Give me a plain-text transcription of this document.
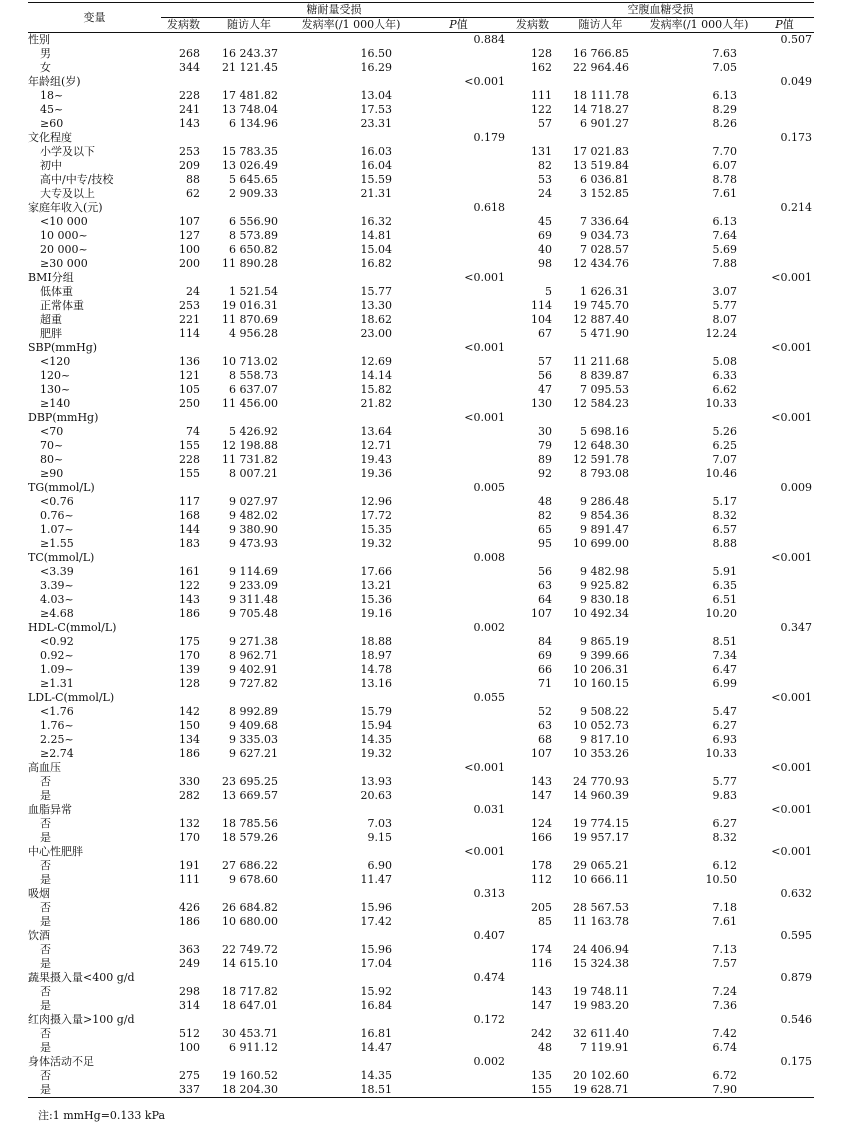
变量	糖耐量受损				空腹血糖受损			
	发病数	随访人年	发病率(/1 000人年)	P值	发病数	随访人年	发病率(/1 000人年)	P值
性别				0.884				0.507
男	268	16 243.37	16.50		128	16 766.85	7.63	
女	344	21 121.45	16.29		162	22 964.46	7.05	
年龄组(岁)				<0.001				0.049
18~	228	17 481.82	13.04		111	18 111.78	6.13	
45~	241	13 748.04	17.53		122	14 718.27	8.29	
≥60	143	6 134.96	23.31		57	6 901.27	8.26	
文化程度				0.179				0.173
小学及以下	253	15 783.35	16.03		131	17 021.83	7.70	
初中	209	13 026.49	16.04		82	13 519.84	6.07	
高中/中专/技校	88	5 645.65	15.59		53	6 036.81	8.78	
大专及以上	62	2 909.33	21.31		24	3 152.85	7.61	
家庭年收入(元)				0.618				0.214
<10 000	107	6 556.90	16.32		45	7 336.64	6.13	
10 000~	127	8 573.89	14.81		69	9 034.73	7.64	
20 000~	100	6 650.82	15.04		40	7 028.57	5.69	
≥30 000	200	11 890.28	16.82		98	12 434.76	7.88	
BMI分组				<0.001				<0.001
低体重	24	1 521.54	15.77		5	1 626.31	3.07	
正常体重	253	19 016.31	13.30		114	19 745.70	5.77	
超重	221	11 870.69	18.62		104	12 887.40	8.07	
肥胖	114	4 956.28	23.00		67	5 471.90	12.24	
SBP(mmHg)				<0.001				<0.001
<120	136	10 713.02	12.69		57	11 211.68	5.08	
120~	121	8 558.73	14.14		56	8 839.87	6.33	
130~	105	6 637.07	15.82		47	7 095.53	6.62	
≥140	250	11 456.00	21.82		130	12 584.23	10.33	
DBP(mmHg)				<0.001				<0.001
<70	74	5 426.92	13.64		30	5 698.16	5.26	
70~	155	12 198.88	12.71		79	12 648.30	6.25	
80~	228	11 731.82	19.43		89	12 591.78	7.07	
≥90	155	8 007.21	19.36		92	8 793.08	10.46	
TG(mmol/L)				0.005				0.009
<0.76	117	9 027.97	12.96		48	9 286.48	5.17	
0.76~	168	9 482.02	17.72		82	9 854.36	8.32	
1.07~	144	9 380.90	15.35		65	9 891.47	6.57	
≥1.55	183	9 473.93	19.32		95	10 699.00	8.88	
TC(mmol/L)				0.008				<0.001
<3.39	161	9 114.69	17.66		56	9 482.98	5.91	
3.39~	122	9 233.09	13.21		63	9 925.82	6.35	
4.03~	143	9 311.48	15.36		64	9 830.18	6.51	
≥4.68	186	9 705.48	19.16		107	10 492.34	10.20	
HDL-C(mmol/L)				0.002				0.347
<0.92	175	9 271.38	18.88		84	9 865.19	8.51	
0.92~	170	8 962.71	18.97		69	9 399.66	7.34	
1.09~	139	9 402.91	14.78		66	10 206.31	6.47	
≥1.31	128	9 727.82	13.16		71	10 160.15	6.99	
LDL-C(mmol/L)				0.055				<0.001
<1.76	142	8 992.89	15.79		52	9 508.22	5.47	
1.76~	150	9 409.68	15.94		63	10 052.73	6.27	
2.25~	134	9 335.03	14.35		68	9 817.10	6.93	
≥2.74	186	9 627.21	19.32		107	10 353.26	10.33	
高血压				<0.001				<0.001
否	330	23 695.25	13.93		143	24 770.93	5.77	
是	282	13 669.57	20.63		147	14 960.39	9.83	
血脂异常				0.031				<0.001
否	132	18 785.56	7.03		124	19 774.15	6.27	
是	170	18 579.26	9.15		166	19 957.17	8.32	
中心性肥胖				<0.001				<0.001
否	191	27 686.22	6.90		178	29 065.21	6.12	
是	111	9 678.60	11.47		112	10 666.11	10.50	
吸烟				0.313				0.632
否	426	26 684.82	15.96		205	28 567.53	7.18	
是	186	10 680.00	17.42		85	11 163.78	7.61	
饮酒				0.407				0.595
否	363	22 749.72	15.96		174	24 406.94	7.13	
是	249	14 615.10	17.04		116	15 324.38	7.57	
蔬果摄入量<400 g/d				0.474				0.879
否	298	18 717.82	15.92		143	19 748.11	7.24	
是	314	18 647.01	16.84		147	19 983.20	7.36	
红肉摄入量>100 g/d				0.172				0.546
否	512	30 453.71	16.81		242	32 611.40	7.42	
是	100	6 911.12	14.47		48	7 119.91	6.74	
身体活动不足				0.002				0.175
否	275	19 160.52	14.35		135	20 102.60	6.72	
是	337	18 204.30	18.51		155	19 628.71	7.90	
注:1 mmHg=0.133 kPa
